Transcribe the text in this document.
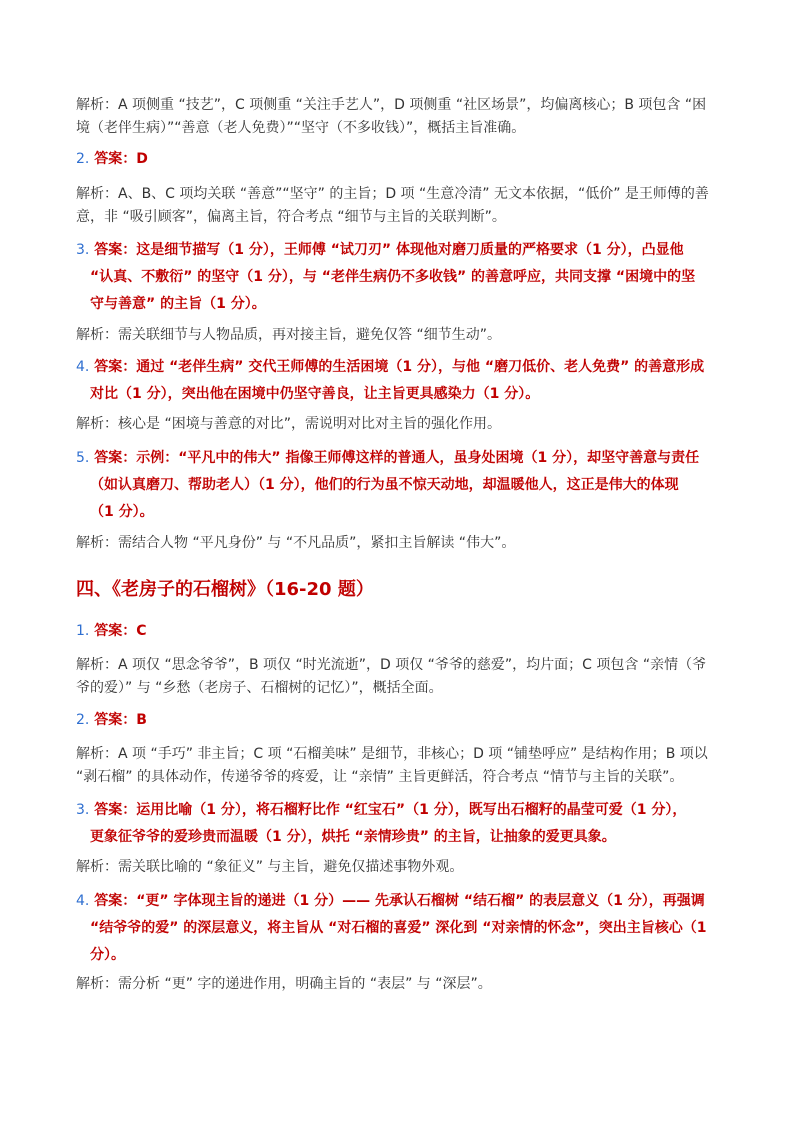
解析：A 项侧重 “技艺”，C 项侧重 “关注手艺人”，D 项侧重 “社区场景”，均偏离核心；B 项包含 “困
境（老伴生病）”“善意（老人免费）”“坚守（不多收钱）”，概括主旨准确。
2. 答案：D
解析：A、B、C 项均关联 “善意”“坚守” 的主旨；D 项 “生意冷清” 无文本依据，“低价” 是王师傅的善
意，非 “吸引顾客”，偏离主旨，符合考点 “细节与主旨的关联判断”。
3. 答案：这是细节描写（1 分），王师傅 “试刀刃” 体现他对磨刀质量的严格要求（1 分），凸显他
“认真、不敷衍” 的坚守（1 分），与 “老伴生病仍不多收钱” 的善意呼应，共同支撑 “困境中的坚
守与善意” 的主旨（1 分）。
解析：需关联细节与人物品质，再对接主旨，避免仅答 “细节生动”。
4. 答案：通过 “老伴生病” 交代王师傅的生活困境（1 分），与他 “磨刀低价、老人免费” 的善意形成
对比（1 分），突出他在困境中仍坚守善良，让主旨更具感染力（1 分）。
解析：核心是 “困境与善意的对比”，需说明对比对主旨的强化作用。
5. 答案：示例：“平凡中的伟大” 指像王师傅这样的普通人，虽身处困境（1 分），却坚守善意与责任
（如认真磨刀、帮助老人）（1 分），他们的行为虽不惊天动地，却温暖他人，这正是伟大的体现
（1 分）。
解析：需结合人物 “平凡身份” 与 “不凡品质”，紧扣主旨解读 “伟大”。
四、《老房子的石榴树》（16-20 题）
1. 答案：C
解析：A 项仅 “思念爷爷”，B 项仅 “时光流逝”，D 项仅 “爷爷的慈爱”，均片面；C 项包含 “亲情（爷
爷的爱）” 与 “乡愁（老房子、石榴树的记忆）”，概括全面。
2. 答案：B
解析：A 项 “手巧” 非主旨；C 项 “石榴美味” 是细节，非核心；D 项 “铺垫呼应” 是结构作用；B 项以
“剥石榴” 的具体动作，传递爷爷的疼爱，让 “亲情” 主旨更鲜活，符合考点 “情节与主旨的关联”。
3. 答案：运用比喻（1 分），将石榴籽比作 “红宝石”（1 分），既写出石榴籽的晶莹可爱（1 分），
更象征爷爷的爱珍贵而温暖（1 分），烘托 “亲情珍贵” 的主旨，让抽象的爱更具象。
解析：需关联比喻的 “象征义” 与主旨，避免仅描述事物外观。
4. 答案：“更” 字体现主旨的递进（1 分）—— 先承认石榴树 “结石榴” 的表层意义（1 分），再强调
“结爷爷的爱” 的深层意义，将主旨从 “对石榴的喜爱” 深化到 “对亲情的怀念”，突出主旨核心（1
分）。
解析：需分析 “更” 字的递进作用，明确主旨的 “表层” 与 “深层”。
